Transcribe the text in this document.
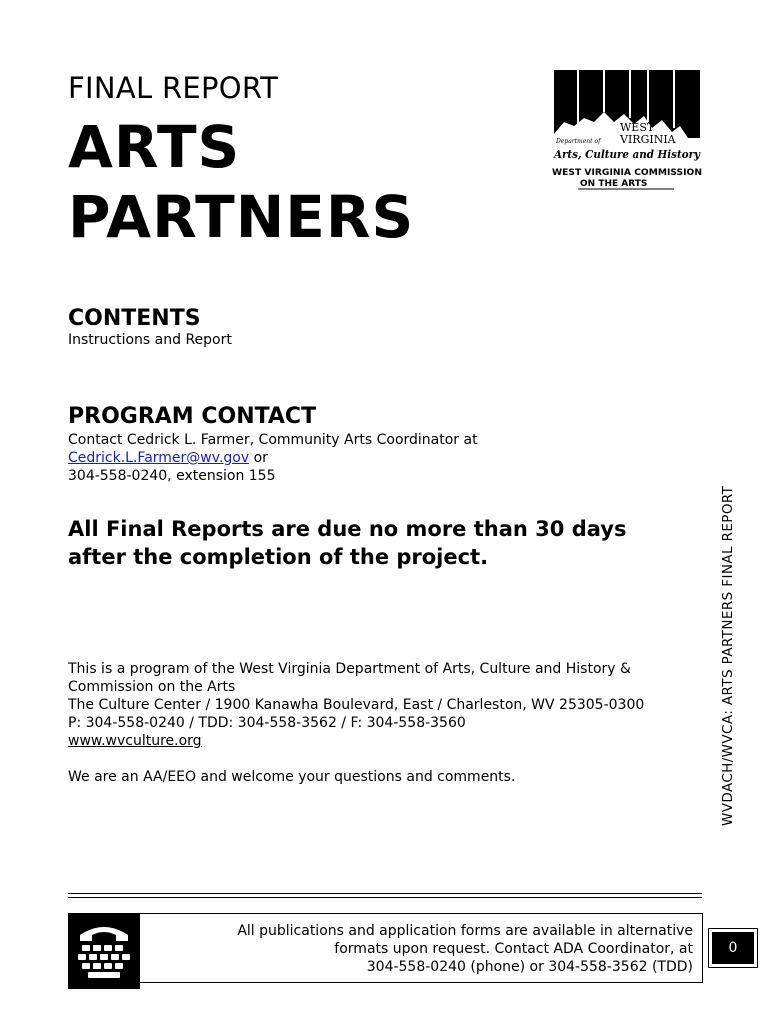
FINAL REPORT
ARTS
PARTNERS
WEST
Department of VIRGINIA
Arts, Culture and History
WEST VIRGINIA COMMISSION
ON THE ARTS
CONTENTS
Instructions and Report
PROGRAM CONTACT
Contact Cedrick L. Farmer, Community Arts Coordinator at
Cedrick.L.Farmer@wv.gov or
304-558-0240, extension 155
All Final Reports are due no more than 30 days
after the completion of the project.	WVDACH/WVCA: ARTS PARTNERS FINAL REPORT
This is a program of the West Virginia Department of Arts, Culture and History &
Commission on the Arts
The Culture Center / 1900 Kanawha Boulevard, East / Charleston, WV 25305-0300
P: 304-558-0240 / TDD: 304-558-3562 / F: 304-558-3560
www.wvculture.org
We are an AA/EEO and welcome your questions and comments.
All publications and application forms are available in alternative
formats upon request. Contact ADA Coordinator, at
304-558-0240 (phone) or 304-558-3562 (TDD)
0
